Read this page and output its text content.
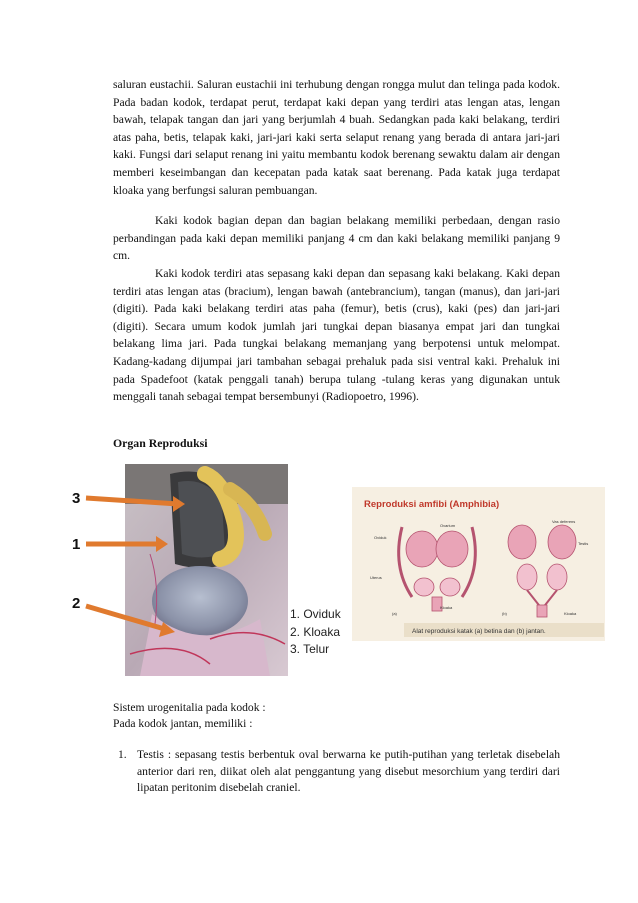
saluran eustachii. Saluran eustachii ini terhubung dengan rongga mulut dan telinga pada kodok. Pada badan kodok, terdapat perut, terdapat kaki depan yang terdiri atas lengan atas, lengan bawah, telapak tangan dan jari yang berjumlah 4 buah. Sedangkan pada kaki belakang, terdiri atas paha, betis, telapak kaki, jari-jari kaki serta selaput renang yang berada di antara jari-jari kaki. Fungsi dari selaput renang ini yaitu membantu kodok berenang sewaktu dalam air dengan memberi keseimbangan dan kecepatan pada katak saat berenang. Pada katak juga terdapat kloaka yang berfungsi saluran pembuangan.

Kaki kodok bagian depan dan bagian belakang memiliki perbedaan, dengan rasio perbandingan pada kaki depan memiliki panjang 4 cm dan kaki belakang memiliki panjang 9 cm.

Kaki kodok terdiri atas sepasang kaki depan dan sepasang kaki belakang. Kaki depan terdiri atas lengan atas (bracium), lengan bawah (antebrancium), tangan (manus), dan jari-jari (digiti). Pada kaki belakang terdiri atas paha (femur), betis (crus), kaki (pes) dan jari-jari (digiti). Secara umum kodok jumlah jari tungkai depan biasanya empat jari dan tungkai belakang lima jari. Pada tungkai belakang memanjang yang berpotensi untuk melompat. Kadang-kadang dijumpai jari tambahan sebagai prehaluk pada sisi ventral kaki. Prehaluk ini pada Spadefoot (katak penggali tanah) berupa tulang -tulang keras yang digunakan untuk menggali tanah sebagai tempat bersembunyi (Radiopoetro, 1996).

Organ Reproduksi

3
1
2
1. Oviduk
2. Kloaka
3. Telur
Reproduksi amfibi (Amphibia)
Ovarium
Oviduk
Uterus
Kloaka
Vas deferens
Testis
Kloaka
(a)	(b)
Alat reproduksi katak (a) betina dan (b) jantan.

Sistem urogenitalia pada kodok :

Pada kodok jantan, memiliki :

1. Testis : sepasang testis berbentuk oval berwarna ke putih-putihan yang terletak disebelah anterior dari ren, diikat oleh alat penggantung yang disebut mesorchium yang terdiri dari lipatan peritonim disebelah craniel.
